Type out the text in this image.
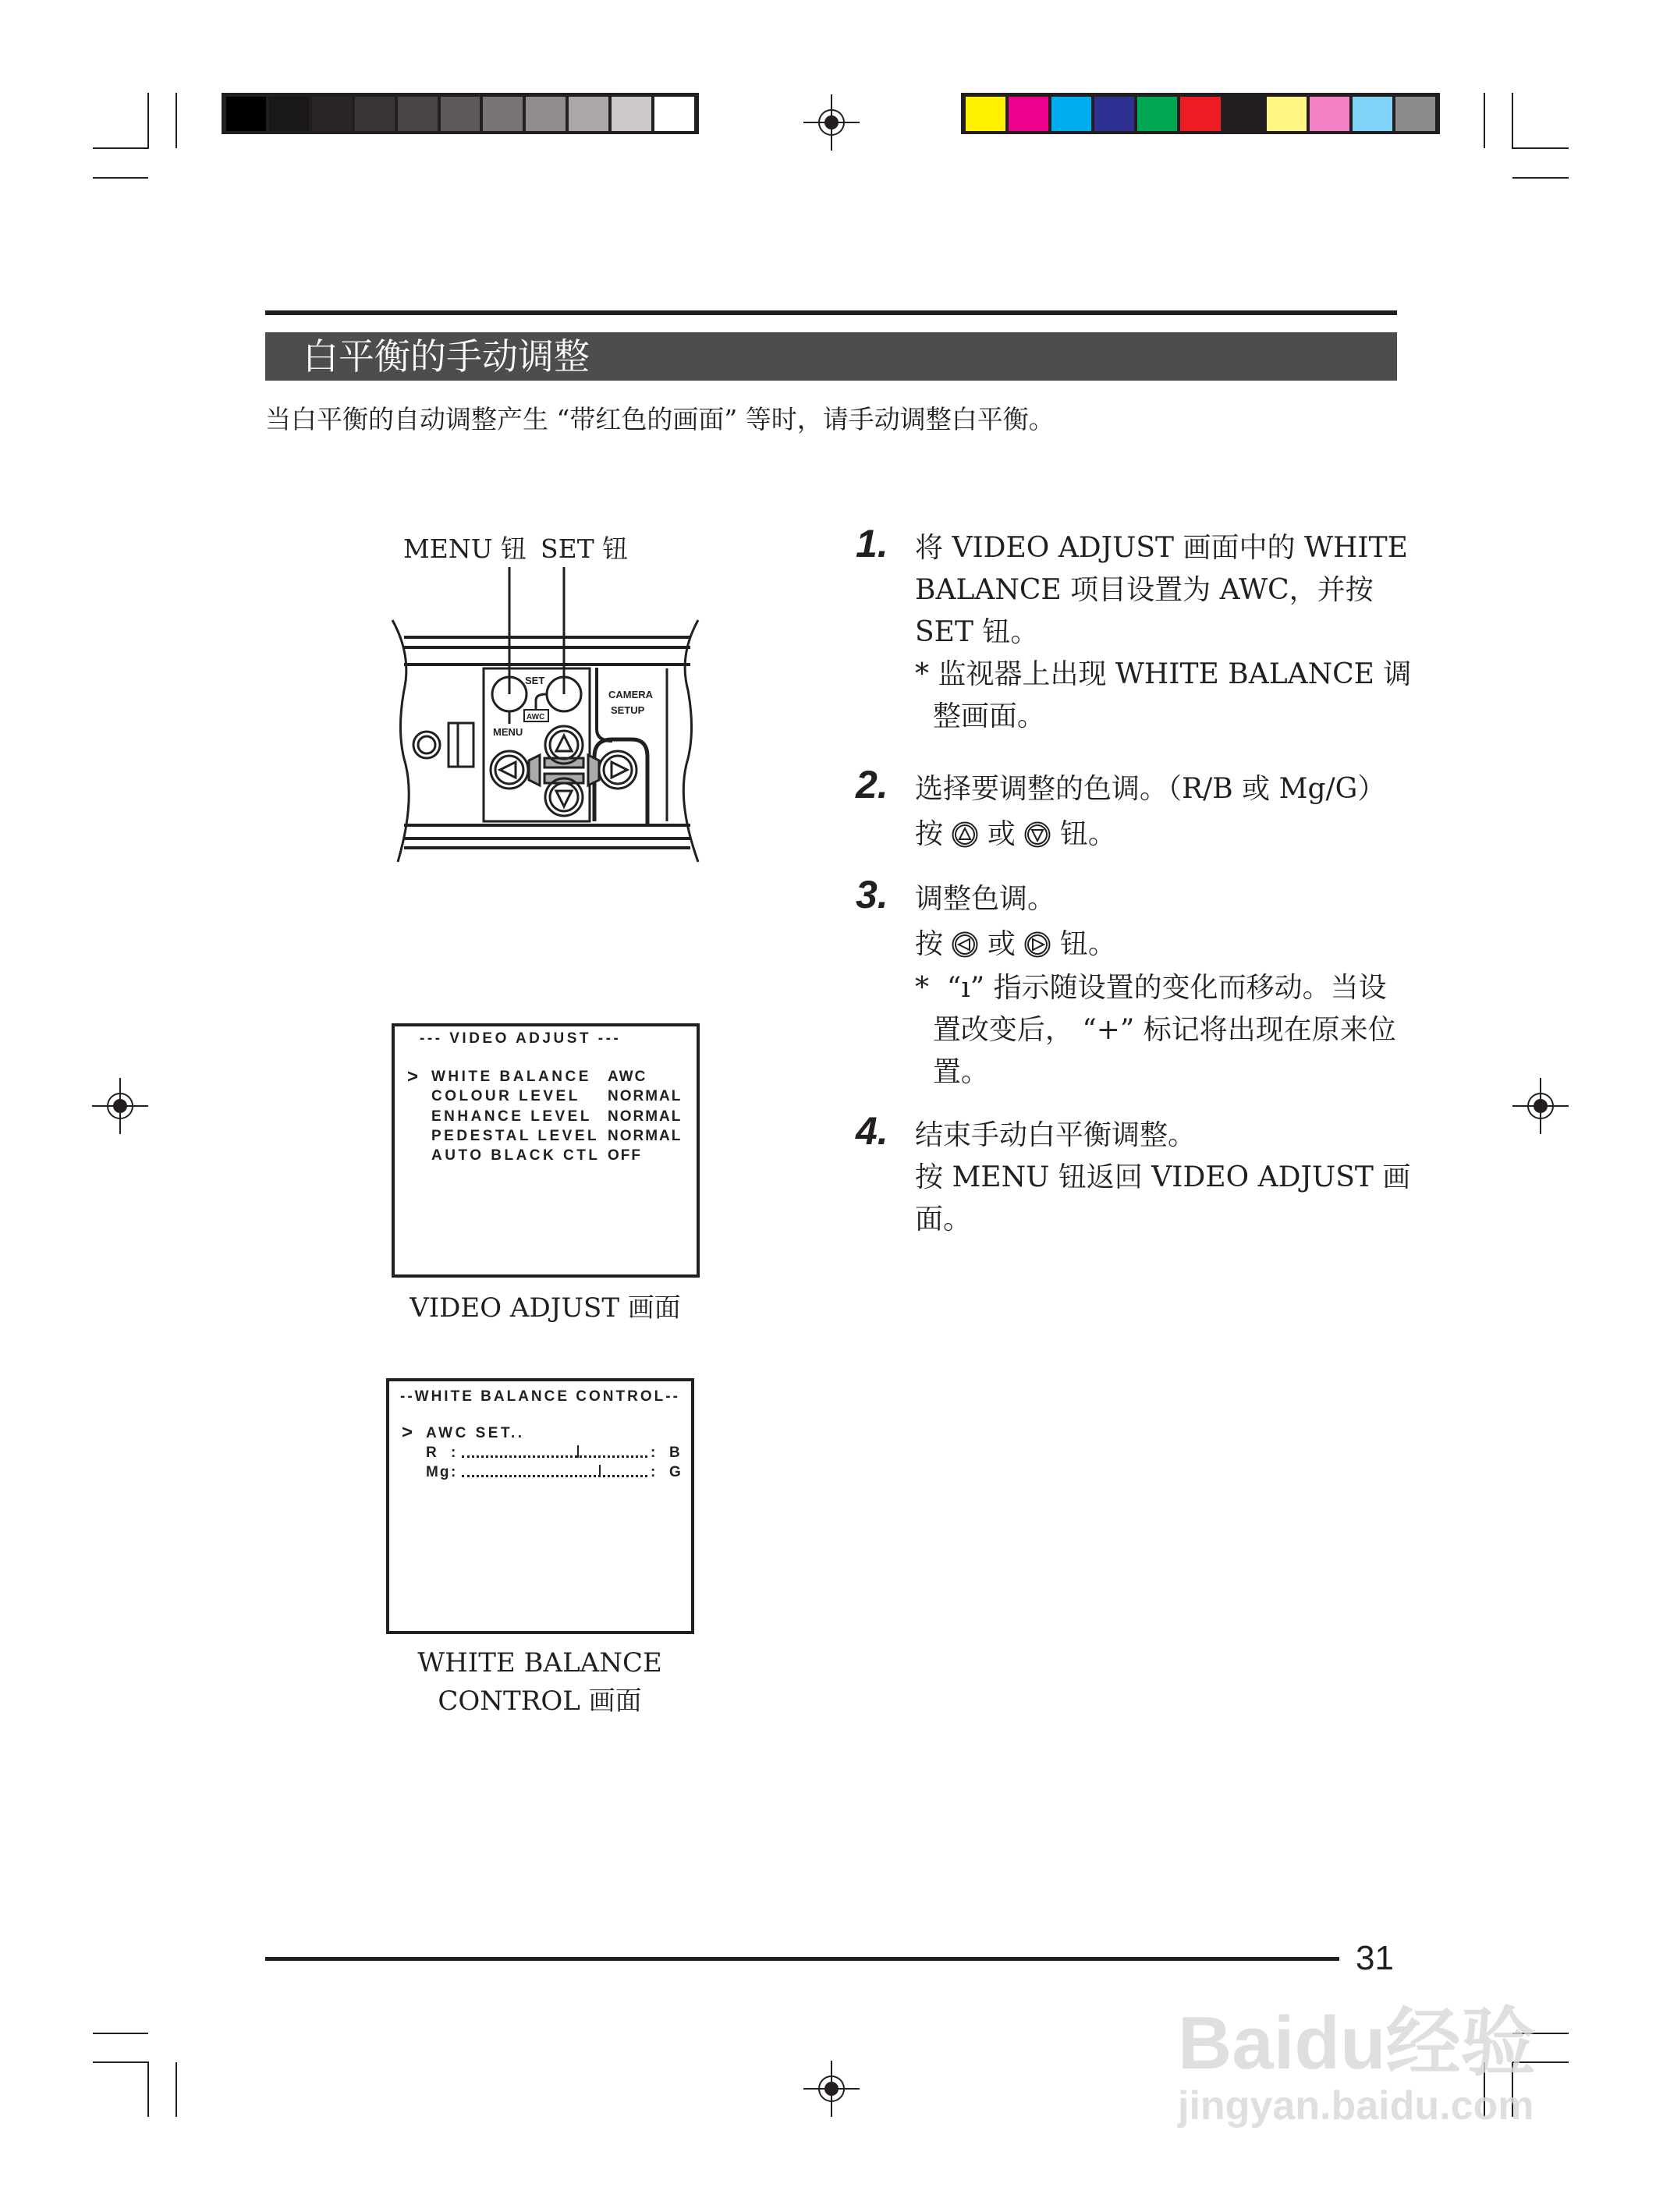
白平衡的手动调整
当白平衡的自动调整产生 “带红色的画面” 等时，请手动调整白平衡。
MENU 钮 SET 钮
SET
AWC
MENU
CAMERA
SETUP
--- VIDEO ADJUST ---
> WHITE BALANCE AWC
COLOUR LEVEL NORMAL
ENHANCE LEVEL NORMAL
PEDESTAL LEVEL NORMAL
AUTO BLACK CTL OFF
VIDEO ADJUST 画面
--WHITE BALANCE CONTROL--
> AWC SET..
R :	: B
Mg :	: G
WHITE BALANCE
CONTROL 画面
1. 将 VIDEO ADJUST 画面中的 WHITE
BALANCE 项目设置为 AWC，并按
SET 钮。
* 监视器上出现 WHITE BALANCE 调
整画面。
2. 选择要调整的色调。（R/B 或 Mg/G）
按 或 钮。
3. 调整色调。
按 或 钮。
*  “ı” 指示随设置的变化而移动。当设
置改变后， “+” 标记将出现在原来位
置。
4. 结束手动白平衡调整。
按 MENU 钮返回 VIDEO ADJUST 画
面。
31
Baidu经验
jingyan.baidu.com
